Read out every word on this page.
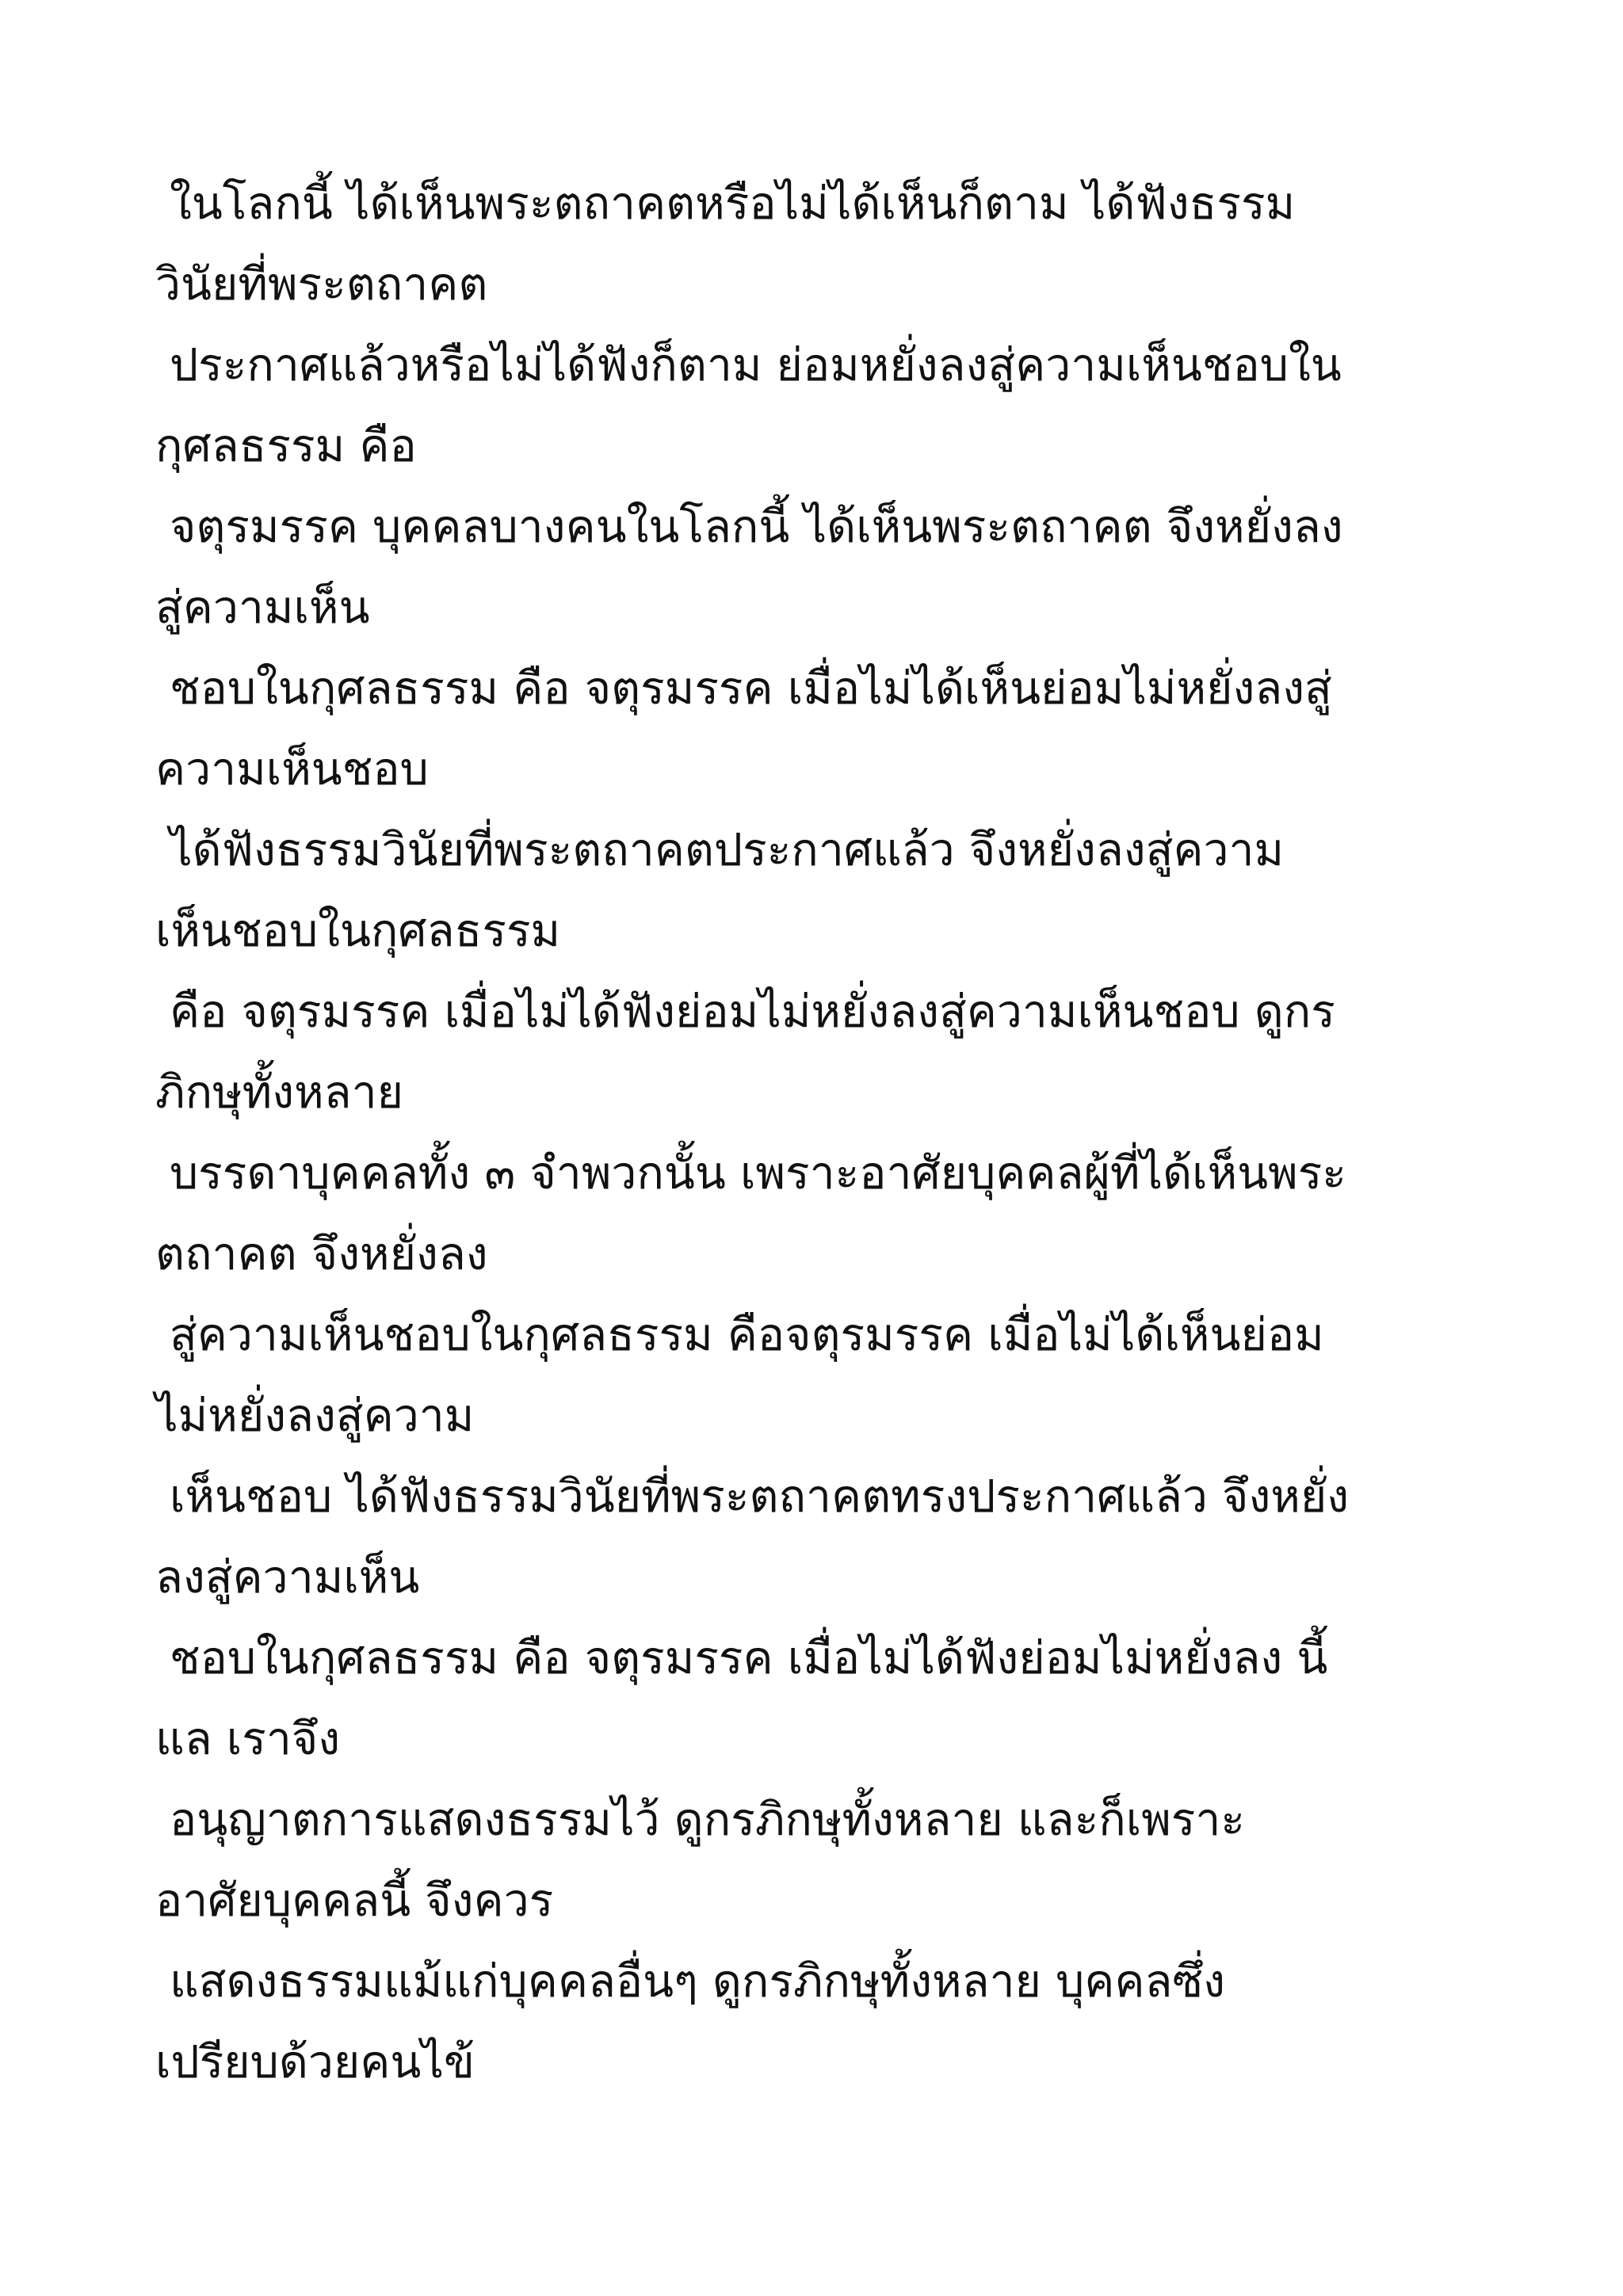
ในโลกนี้ ได้เห็นพระตถาคตหรือไม่ได้เห็นก็ตาม ได้ฟังธรรม
วินัยที่พระตถาคต
ประกาศแล้วหรือไม่ได้ฟังก็ตาม ย่อมหยั่งลงสู่ความเห็นชอบใน
กุศลธรรม คือ
จตุรมรรค บุคคลบางคนในโลกนี้ ได้เห็นพระตถาคต จึงหยั่งลง
สู่ความเห็น
ชอบในกุศลธรรม คือ จตุรมรรค เมื่อไม่ได้เห็นย่อมไม่หยั่งลงสู่
ความเห็นชอบ
ได้ฟังธรรมวินัยที่พระตถาคตประกาศแล้ว จึงหยั่งลงสู่ความ
เห็นชอบในกุศลธรรม
คือ จตุรมรรค เมื่อไม่ได้ฟังย่อมไม่หยั่งลงสู่ความเห็นชอบ ดูกร
ภิกษุทั้งหลาย
บรรดาบุคคลทั้ง ๓ จำพวกนั้น เพราะอาศัยบุคคลผู้ที่ได้เห็นพระ
ตถาคต จึงหยั่งลง
สู่ความเห็นชอบในกุศลธรรม คือจตุรมรรค เมื่อไม่ได้เห็นย่อม
ไม่หยั่งลงสู่ความ
เห็นชอบ ได้ฟังธรรมวินัยที่พระตถาคตทรงประกาศแล้ว จึงหยั่ง
ลงสู่ความเห็น
ชอบในกุศลธรรม คือ จตุรมรรค เมื่อไม่ได้ฟังย่อมไม่หยั่งลง นี้
แล เราจึง
อนุญาตการแสดงธรรมไว้ ดูกรภิกษุทั้งหลาย และก็เพราะ
อาศัยบุคคลนี้ จึงควร
แสดงธรรมแม้แก่บุคคลอื่นๆ ดูกรภิกษุทั้งหลาย บุคคลซึ่ง
เปรียบด้วยคนไข้
